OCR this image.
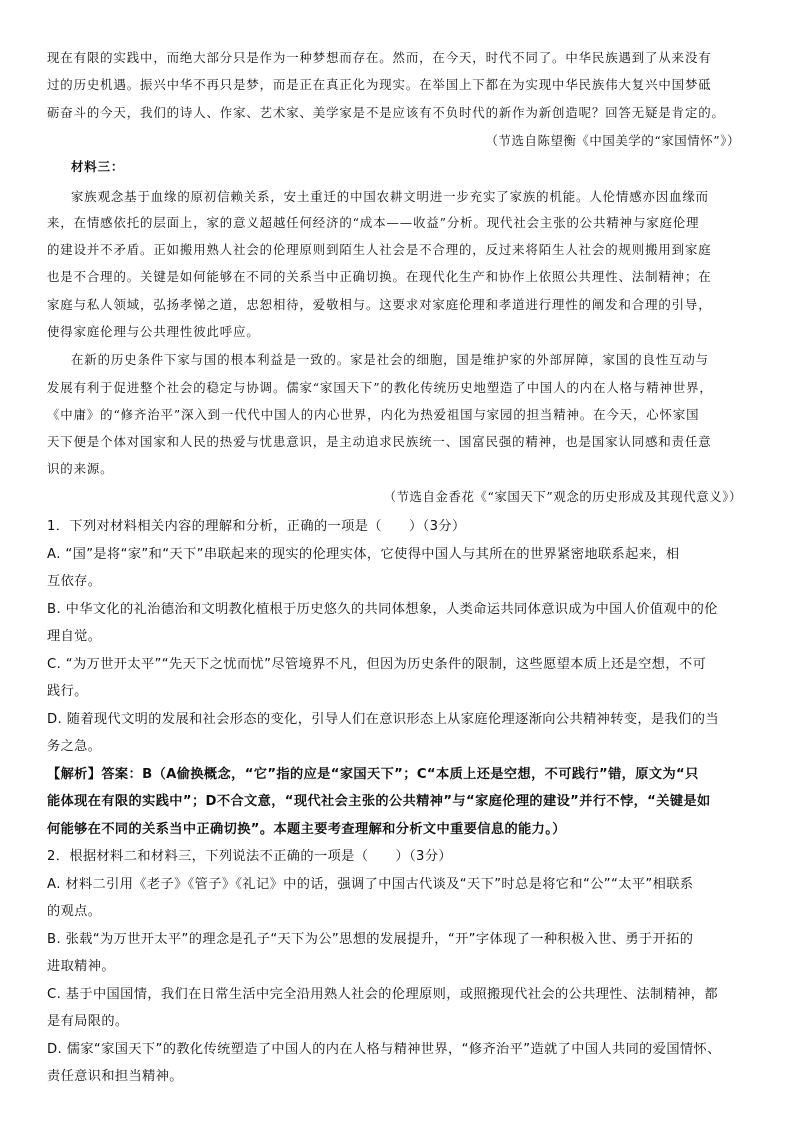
现在有限的实践中，而绝大部分只是作为一种梦想而存在。然而，在今天，时代不同了。中华民族遇到了从来没有
过的历史机遇。振兴中华不再只是梦，而是正在真正化为现实。在举国上下都在为实现中华民族伟大复兴中国梦砥
砺奋斗的今天，我们的诗人、作家、艺术家、美学家是不是应该有不负时代的新作为新创造呢？回答无疑是肯定的。
（节选自陈望衡《中国美学的“家国情怀”》）
材料三：
家族观念基于血缘的原初信赖关系，安土重迁的中国农耕文明进一步充实了家族的机能。人伦情感亦因血缘而
来，在情感依托的层面上，家的意义超越任何经济的“成本——收益”分析。现代社会主张的公共精神与家庭伦理
的建设并不矛盾。正如搬用熟人社会的伦理原则到陌生人社会是不合理的，反过来将陌生人社会的规则搬用到家庭
也是不合理的。关键是如何能够在不同的关系当中正确切换。在现代化生产和协作上依照公共理性、法制精神；在
家庭与私人领域，弘扬孝悌之道，忠恕相待，爱敬相与。这要求对家庭伦理和孝道进行理性的阐发和合理的引导，
使得家庭伦理与公共理性彼此呼应。
在新的历史条件下家与国的根本利益是一致的。家是社会的细胞，国是维护家的外部屏障，家国的良性互动与
发展有利于促进整个社会的稳定与协调。儒家“家国天下”的教化传统历史地塑造了中国人的内在人格与精神世界，
《中庸》的“修齐治平”深入到一代代中国人的内心世界，内化为热爱祖国与家园的担当精神。在今天，心怀家国
天下便是个体对国家和人民的热爱与忧患意识，是主动追求民族统一、国富民强的精神，也是国家认同感和责任意
识的来源。
（节选自金香花《“家国天下”观念的历史形成及其现代意义》）
1．下列对材料相关内容的理解和分析，正确的一项是（　　）（3分）
A. “国”是将“家”和“天下”串联起来的现实的伦理实体，它使得中国人与其所在的世界紧密地联系起来，相
互依存。
B. 中华文化的礼治德治和文明教化植根于历史悠久的共同体想象，人类命运共同体意识成为中国人价值观中的伦
理自觉。
C. “为万世开太平”“先天下之忧而忧”尽管境界不凡，但因为历史条件的限制，这些愿望本质上还是空想，不可
践行。
D. 随着现代文明的发展和社会形态的变化，引导人们在意识形态上从家庭伦理逐渐向公共精神转变，是我们的当
务之急。
【解析】答案：B（A偷换概念，“它”指的应是“家国天下”；C“本质上还是空想，不可践行”错，原文为“只
能体现在有限的实践中”；D不合文意，“现代社会主张的公共精神”与“家庭伦理的建设”并行不悖，“关键是如
何能够在不同的关系当中正确切换”。本题主要考查理解和分析文中重要信息的能力。）
2．根据材料二和材料三，下列说法不正确的一项是（　　）（3分）
A. 材料二引用《老子》《管子》《礼记》中的话，强调了中国古代谈及“天下”时总是将它和“公”“太平”相联系
的观点。
B. 张载“为万世开太平”的理念是孔子“天下为公”思想的发展提升，“开”字体现了一种积极入世、勇于开拓的
进取精神。
C. 基于中国国情，我们在日常生活中完全沿用熟人社会的伦理原则，或照搬现代社会的公共理性、法制精神，都
是有局限的。
D. 儒家“家国天下”的教化传统塑造了中国人的内在人格与精神世界，“修齐治平”造就了中国人共同的爱国情怀、
责任意识和担当精神。
